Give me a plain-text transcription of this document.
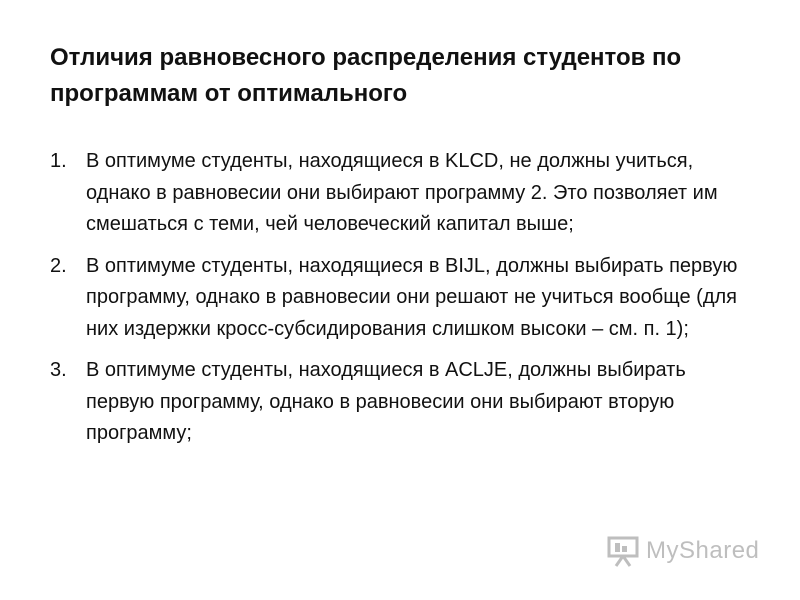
Отличия равновесного распределения студентов по программам от оптимального
1. В оптимуме студенты, находящиеся в KLCD, не должны учиться, однако в равновесии они выбирают программу 2. Это позволяет им смешаться с теми, чей человеческий капитал выше;
2. В оптимуме студенты, находящиеся в BIJL, должны выбирать первую программу, однако в равновесии они решают не учиться вообще (для них издержки кросс-субсидирования слишком высоки – см. п. 1);
3. В оптимуме студенты, находящиеся в ACLJE, должны выбирать первую программу, однако в равновесии они выбирают вторую программу;
MyShared
